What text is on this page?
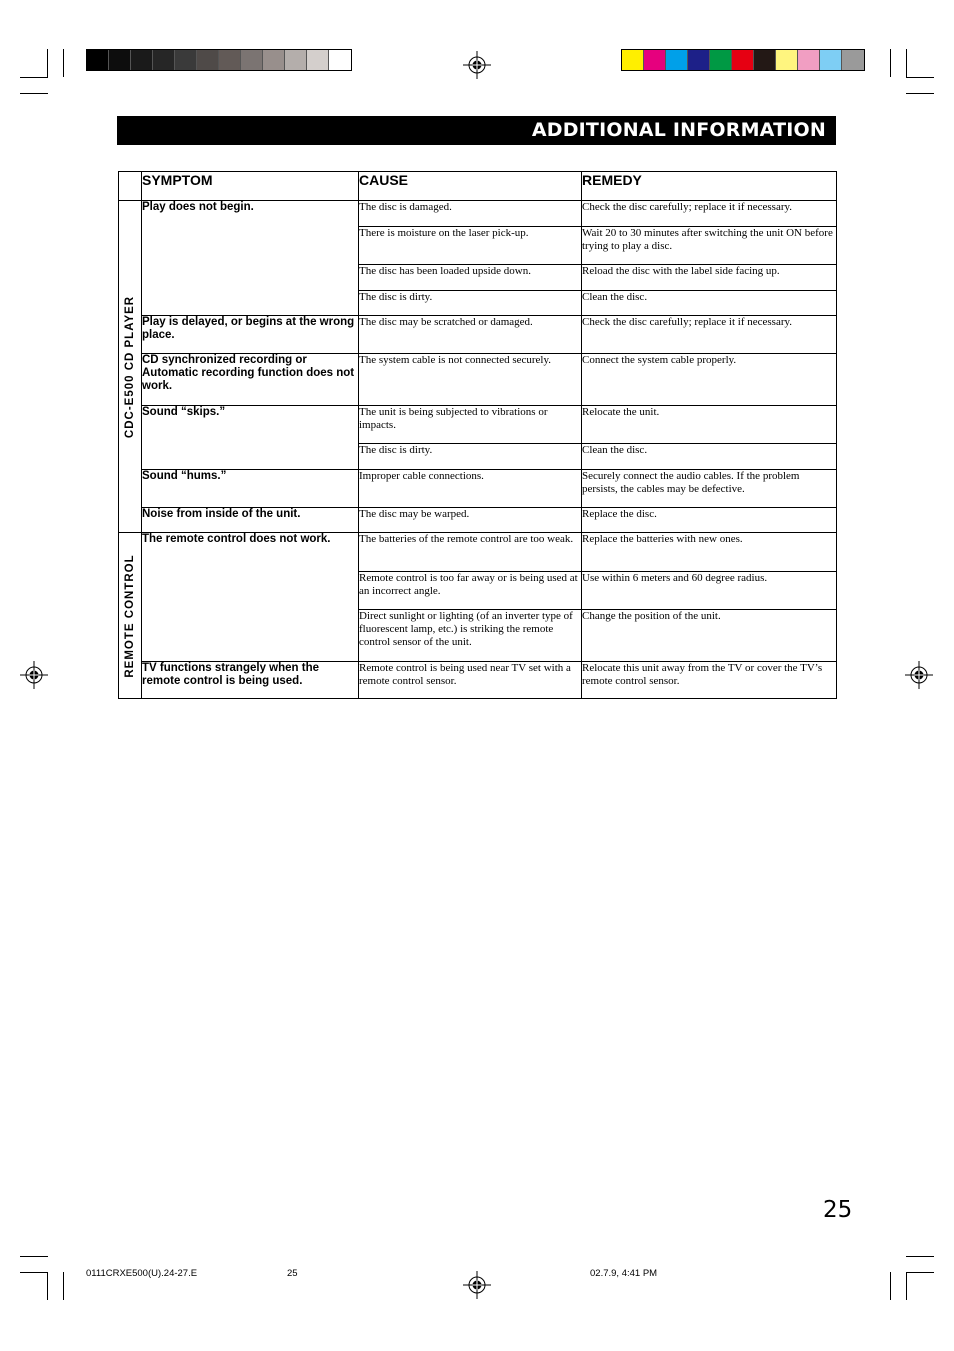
ADDITIONAL INFORMATION
	SYMPTOM	CAUSE	REMEDY

CDC-E500 CD PLAYER	Play does not begin.	The disc is damaged.	Check the disc carefully; replace it if necessary.
		There is moisture on the laser pick-up.	Wait 20 to 30 minutes after switching the unit ON before trying to play a disc.
		The disc has been loaded upside down.	Reload the disc with the label side facing up.
		The disc is dirty.	Clean the disc.
	Play is delayed, or begins at the wrong place.	The disc may be scratched or damaged.	Check the disc carefully; replace it if necessary.
	CD synchronized recording or Automatic recording function does not work.	The system cable is not connected securely.	Connect the system cable properly.
	Sound “skips.”	The unit is being subjected to vibrations or impacts.	Relocate the unit.
		The disc is dirty.	Clean the disc.
	Sound “hums.”	Improper cable connections.	Securely connect the audio cables. If the problem persists, the cables may be defective.
	Noise from inside of the unit.	The disc may be warped.	Replace the disc.

REMOTE CONTROL	The remote control does not work.	The batteries of the remote control are too weak.	Replace the batteries with new ones.
		Remote control is too far away or is being used at an incorrect angle.	Use within 6 meters and 60 degree radius.
		Direct sunlight or lighting (of an inverter type of fluorescent lamp, etc.) is striking the remote control sensor of the unit.	Change the position of the unit.
	TV functions strangely when the remote control is being used.	Remote control is being used near TV set with a remote control sensor.	Relocate this unit away from the TV or cover the TV’s remote control sensor.
25
0111CRXE500(U).24-27.E	25	02.7.9, 4:41 PM
